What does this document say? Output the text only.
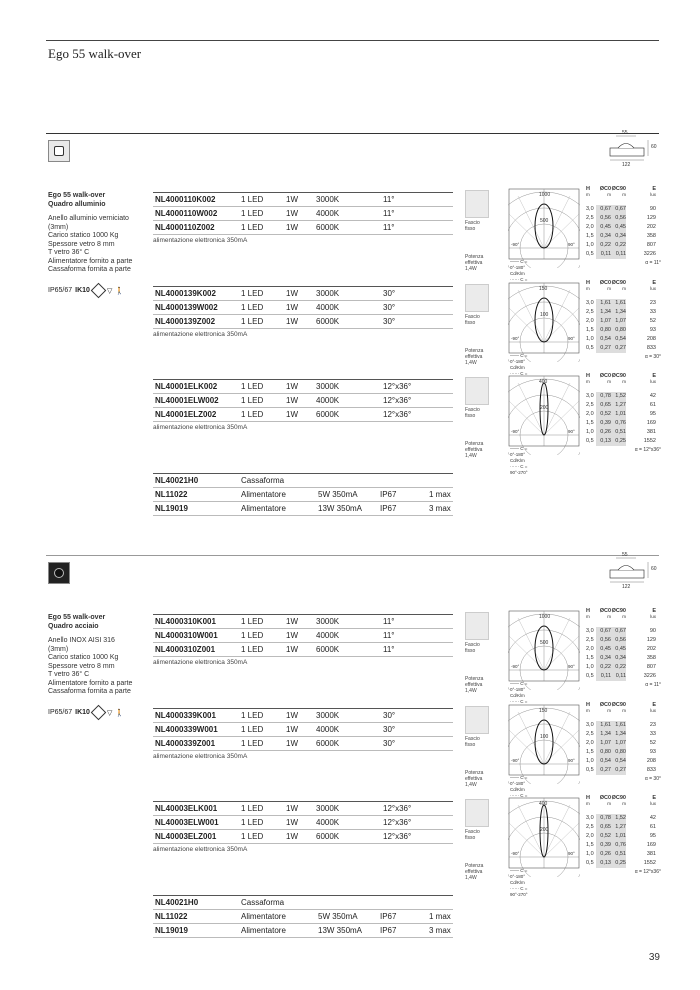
Ego 55 walk-over
55
60
122
Ego 55 walk-over
Quadro alluminio
Anello alluminio verniciato
(3mm)
Carico statico 1000 Kg
Spessore vetro 8 mm
T vetro 36° C
Alimentatore fornito a parte
Cassaforma fornita a parte
IP65/67 IK10 ▽ 🚶
NL4000110K002	1 LED	1W 3000K	11°
NL4000110W002	1 LED	1W 4000K	11°
NL4000110Z002	1 LED	1W 6000K	11°
alimentazione elettronica 350mA
Fascio fisso
Potenza effettiva
1,4W
1000
500
-90°	90°
—— C = 0°-180° Cd/Klm
······ C =
H	ØC0 ØC90	E
m	m	m	lux
3,0	0,67 0,67	90
2,5	0,56 0,56	129
2,0	0,45 0,45	202
1,5	0,34 0,34	358
1,0	0,22 0,22	807
0,5	0,11 0,11	3226
α = 11°
NL4000139K002	1 LED	1W 3000K	30°
NL4000139W002	1 LED	1W 4000K	30°
NL4000139Z002	1 LED	1W 6000K	30°
alimentazione elettronica 350mA
Fascio fisso
Potenza effettiva
1,4W
150
100
-90°	90°
—— C = 0°-180° Cd/Klm
······ C =
H	ØC0 ØC90	E
m	m	m	lux
3,0	1,61 1,61	23
2,5	1,34 1,34	33
2,0	1,07 1,07	52
1,5	0,80 0,80	93
1,0	0,54 0,54	208
0,5	0,27 0,27	833
α = 30°
NL40001ELK002	1 LED	1W 3000K	12°x36°
NL40001ELW002	1 LED	1W 4000K	12°x36°
NL40001ELZ002	1 LED	1W 6000K	12°x36°
alimentazione elettronica 350mA
Fascio fisso
Potenza effettiva
1,4W
400
200
-90°	90°
—— C = 0°-180° Cd/Klm
······ C = 90°-270°
H	ØC0 ØC90	E
m	m	m	lux
3,0	0,78 1,52	42
2,5	0,65 1,27	61
2,0	0,52 1,01	95
1,5	0,39 0,76	169
1,0	0,26 0,51	381
0,5	0,13 0,25	1552
α = 12°x36°
NL40021H0	Cassaforma
NL11022	Alimentatore	5W 350mA	IP67	1 max
NL19019	Alimentatore	13W 350mA IP67	3 max
55
60
122
Ego 55 walk-over
Quadro acciaio
Anello INOX AISI 316
(3mm)
Carico statico 1000 Kg
Spessore vetro 8 mm
T vetro 36° C
Alimentatore fornito a parte
Cassaforma fornita a parte
IP65/67 IK10 ▽ 🚶
NL4000310K001	1 LED	1W 3000K	11°
NL4000310W001	1 LED	1W 4000K	11°
NL4000310Z001	1 LED	1W 6000K	11°
alimentazione elettronica 350mA
Fascio fisso
Potenza effettiva
1,4W
1000
500
-90°	90°
—— C = 0°-180° Cd/Klm
······ C =
H	ØC0 ØC90	E
m	m	m	lux
3,0	0,67 0,67	90
2,5	0,56 0,56	129
2,0	0,45 0,45	202
1,5	0,34 0,34	358
1,0	0,22 0,22	807
0,5	0,11 0,11	3226
α = 11°
NL4000339K001	1 LED	1W 3000K	30°
NL4000339W001	1 LED	1W 4000K	30°
NL4000339Z001	1 LED	1W 6000K	30°
alimentazione elettronica 350mA
Fascio fisso
Potenza effettiva
1,4W
150
100
-90°	90°
—— C = 0°-180° Cd/Klm
······ C =
H	ØC0 ØC90	E
m	m	m	lux
3,0	1,61 1,61	23
2,5	1,34 1,34	33
2,0	1,07 1,07	52
1,5	0,80 0,80	93
1,0	0,54 0,54	208
0,5	0,27 0,27	833
α = 30°
NL40003ELK001	1 LED	1W 3000K	12°x36°
NL40003ELW001	1 LED	1W 4000K	12°x36°
NL40003ELZ001	1 LED	1W 6000K	12°x36°
alimentazione elettronica 350mA
Fascio fisso
Potenza effettiva
1,4W
400
200
-90°	90°
—— C = 0°-180° Cd/Klm
······ C = 90°-270°
H	ØC0 ØC90	E
m	m	m	lux
3,0	0,78 1,52	42
2,5	0,65 1,27	61
2,0	0,52 1,01	95
1,5	0,39 0,76	169
1,0	0,26 0,51	381
0,5	0,13 0,25	1552
α = 12°x36°
NL40021H0	Cassaforma
NL11022	Alimentatore	5W 350mA	IP67	1 max
NL19019	Alimentatore	13W 350mA IP67	3 max
39
